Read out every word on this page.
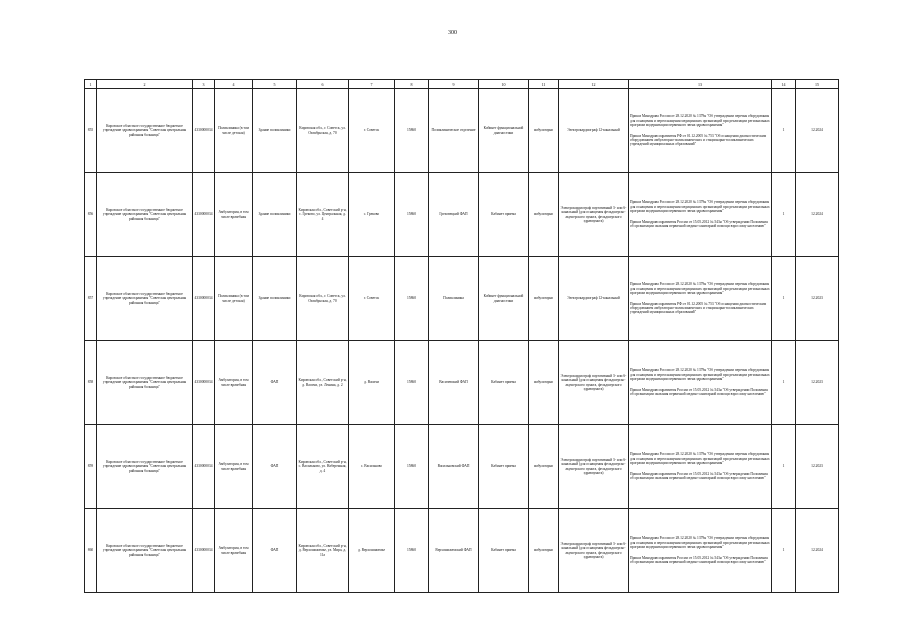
300
1	2	3	4	5	6	7	8	9	10	11	12	13	14	15
855	Кировское областное государственное бюджетное учреждение здравоохранения "Советская центральная районная больница"	4330000034	Поликлиника (в том числе детская)	Здание поликлиники	Кировская обл., г. Советск, ул. Октябрьская, д. 70	г. Советск	15860	Поликлиническое отделение	Кабинет функциональной диагностики	амбулаторно	Электрокардиограф 12-канальный	Приказ Минздрава России от 28.12.2020 № 1379н "Об утверждении перечня оборудования для оснащения и переоснащения медицинских организаций при реализации региональных программ модернизации первичного звена здравоохранения"
Приказ Минздравсоцразвития РФ от 01.12.2005 № 753 "Об оснащении диагностическим оборудованием амбулаторно-поликлинических и стационарно-поликлинических учреждений муниципальных образований"	1	12.2024
856	Кировское областное государственное бюджетное учреждение здравоохранения "Советская центральная районная больница"	4330000034	Амбулатория, в том числе врачебная	Здание поликлиники	Кировская обл., Советский р-н, с. Греково, ул. Центральная, д. 4	с. Греково	15860	Греховецкий ФАП	Кабинет приема	амбулаторно	Электрокардиограф портативный 3- или 6-канальный (для оснащения фельдшерско-акушерского пункта, фельдшерского здравпункта)	Приказ Минздрава России от 28.12.2020 № 1379н "Об утверждении перечня оборудования для оснащения и переоснащения медицинских организаций при реализации региональных программ модернизации первичного звена здравоохранения"
Приказ Минздравсоцразвития России от 15.05.2012 № 543н "Об утверждении Положения об организации оказания первичной медико-санитарной помощи взрослому населению"	1	12.2024
857	Кировское областное государственное бюджетное учреждение здравоохранения "Советская центральная районная больница"	4330000034	Поликлиника (в том числе детская)	Здание поликлиники	Кировская обл., г. Советск, ул. Октябрьская, д. 70	г. Советск	15860	Поликлиника	Кабинет функциональной диагностики	амбулаторно	Электрокардиограф 12-канальный	Приказ Минздрава России от 28.12.2020 № 1379н "Об утверждении перечня оборудования для оснащения и переоснащения медицинских организаций при реализации региональных программ модернизации первичного звена здравоохранения"
Приказ Минздравсоцразвития РФ от 01.12.2005 № 753 "Об оснащении диагностическим оборудованием амбулаторно-поликлинических и стационарно-поликлинических учреждений муниципальных образований"	1	12.2023
858	Кировское областное государственное бюджетное учреждение здравоохранения "Советская центральная районная больница"	4330000034	Амбулатория, в том числе врачебная	ФАП	Кировская обл., Советский р-н, д. Васичи, ул. Ленина, д. 2	д. Васичи	15860	Васичевский ФАП	Кабинет приема	амбулаторно	Электрокардиограф портативный 3- или 6-канальный (для оснащения фельдшерско-акушерского пункта, фельдшерского здравпункта)	Приказ Минздрава России от 28.12.2020 № 1379н "Об утверждении перечня оборудования для оснащения и переоснащения медицинских организаций при реализации региональных программ модернизации первичного звена здравоохранения"
Приказ Минздравсоцразвития России от 15.05.2012 № 543н "Об утверждении Положения об организации оказания первичной медико-санитарной помощи взрослому населению"	1	12.2023
859	Кировское областное государственное бюджетное учреждение здравоохранения "Советская центральная районная больница"	4330000034	Амбулатория, в том числе врачебная	ФАП	Кировская обл., Советский р-н, с. Васильково, ул. Набережная, д. 4	с. Васильково	15860	Васильковский ФАП	Кабинет приема	амбулаторно	Электрокардиограф портативный 3- или 6-канальный (для оснащения фельдшерско-акушерского пункта, фельдшерского здравпункта)	Приказ Минздрава России от 28.12.2020 № 1379н "Об утверждении перечня оборудования для оснащения и переоснащения медицинских организаций при реализации региональных программ модернизации первичного звена здравоохранения"
Приказ Минздравсоцразвития России от 15.05.2012 № 543н "Об утверждении Положения об организации оказания первичной медико-санитарной помощи взрослому населению"	1	12.2023
860	Кировское областное государственное бюджетное учреждение здравоохранения "Советская центральная районная больница"	4330000034	Амбулатория, в том числе врачебная	ФАП	Кировская обл., Советский р-н, д. Верхошижемье, ул. Мира, д. 11а	д. Верхошижемье	15860	Верхошижемский ФАП	Кабинет приема	амбулаторно	Электрокардиограф портативный 3- или 6-канальный (для оснащения фельдшерско-акушерского пункта, фельдшерского здравпункта)	Приказ Минздрава России от 28.12.2020 № 1379н "Об утверждении перечня оборудования для оснащения и переоснащения медицинских организаций при реализации региональных программ модернизации первичного звена здравоохранения"
Приказ Минздравсоцразвития России от 15.05.2012 № 543н "Об утверждении Положения об организации оказания первичной медико-санитарной помощи взрослому населению"	1	12.2024
